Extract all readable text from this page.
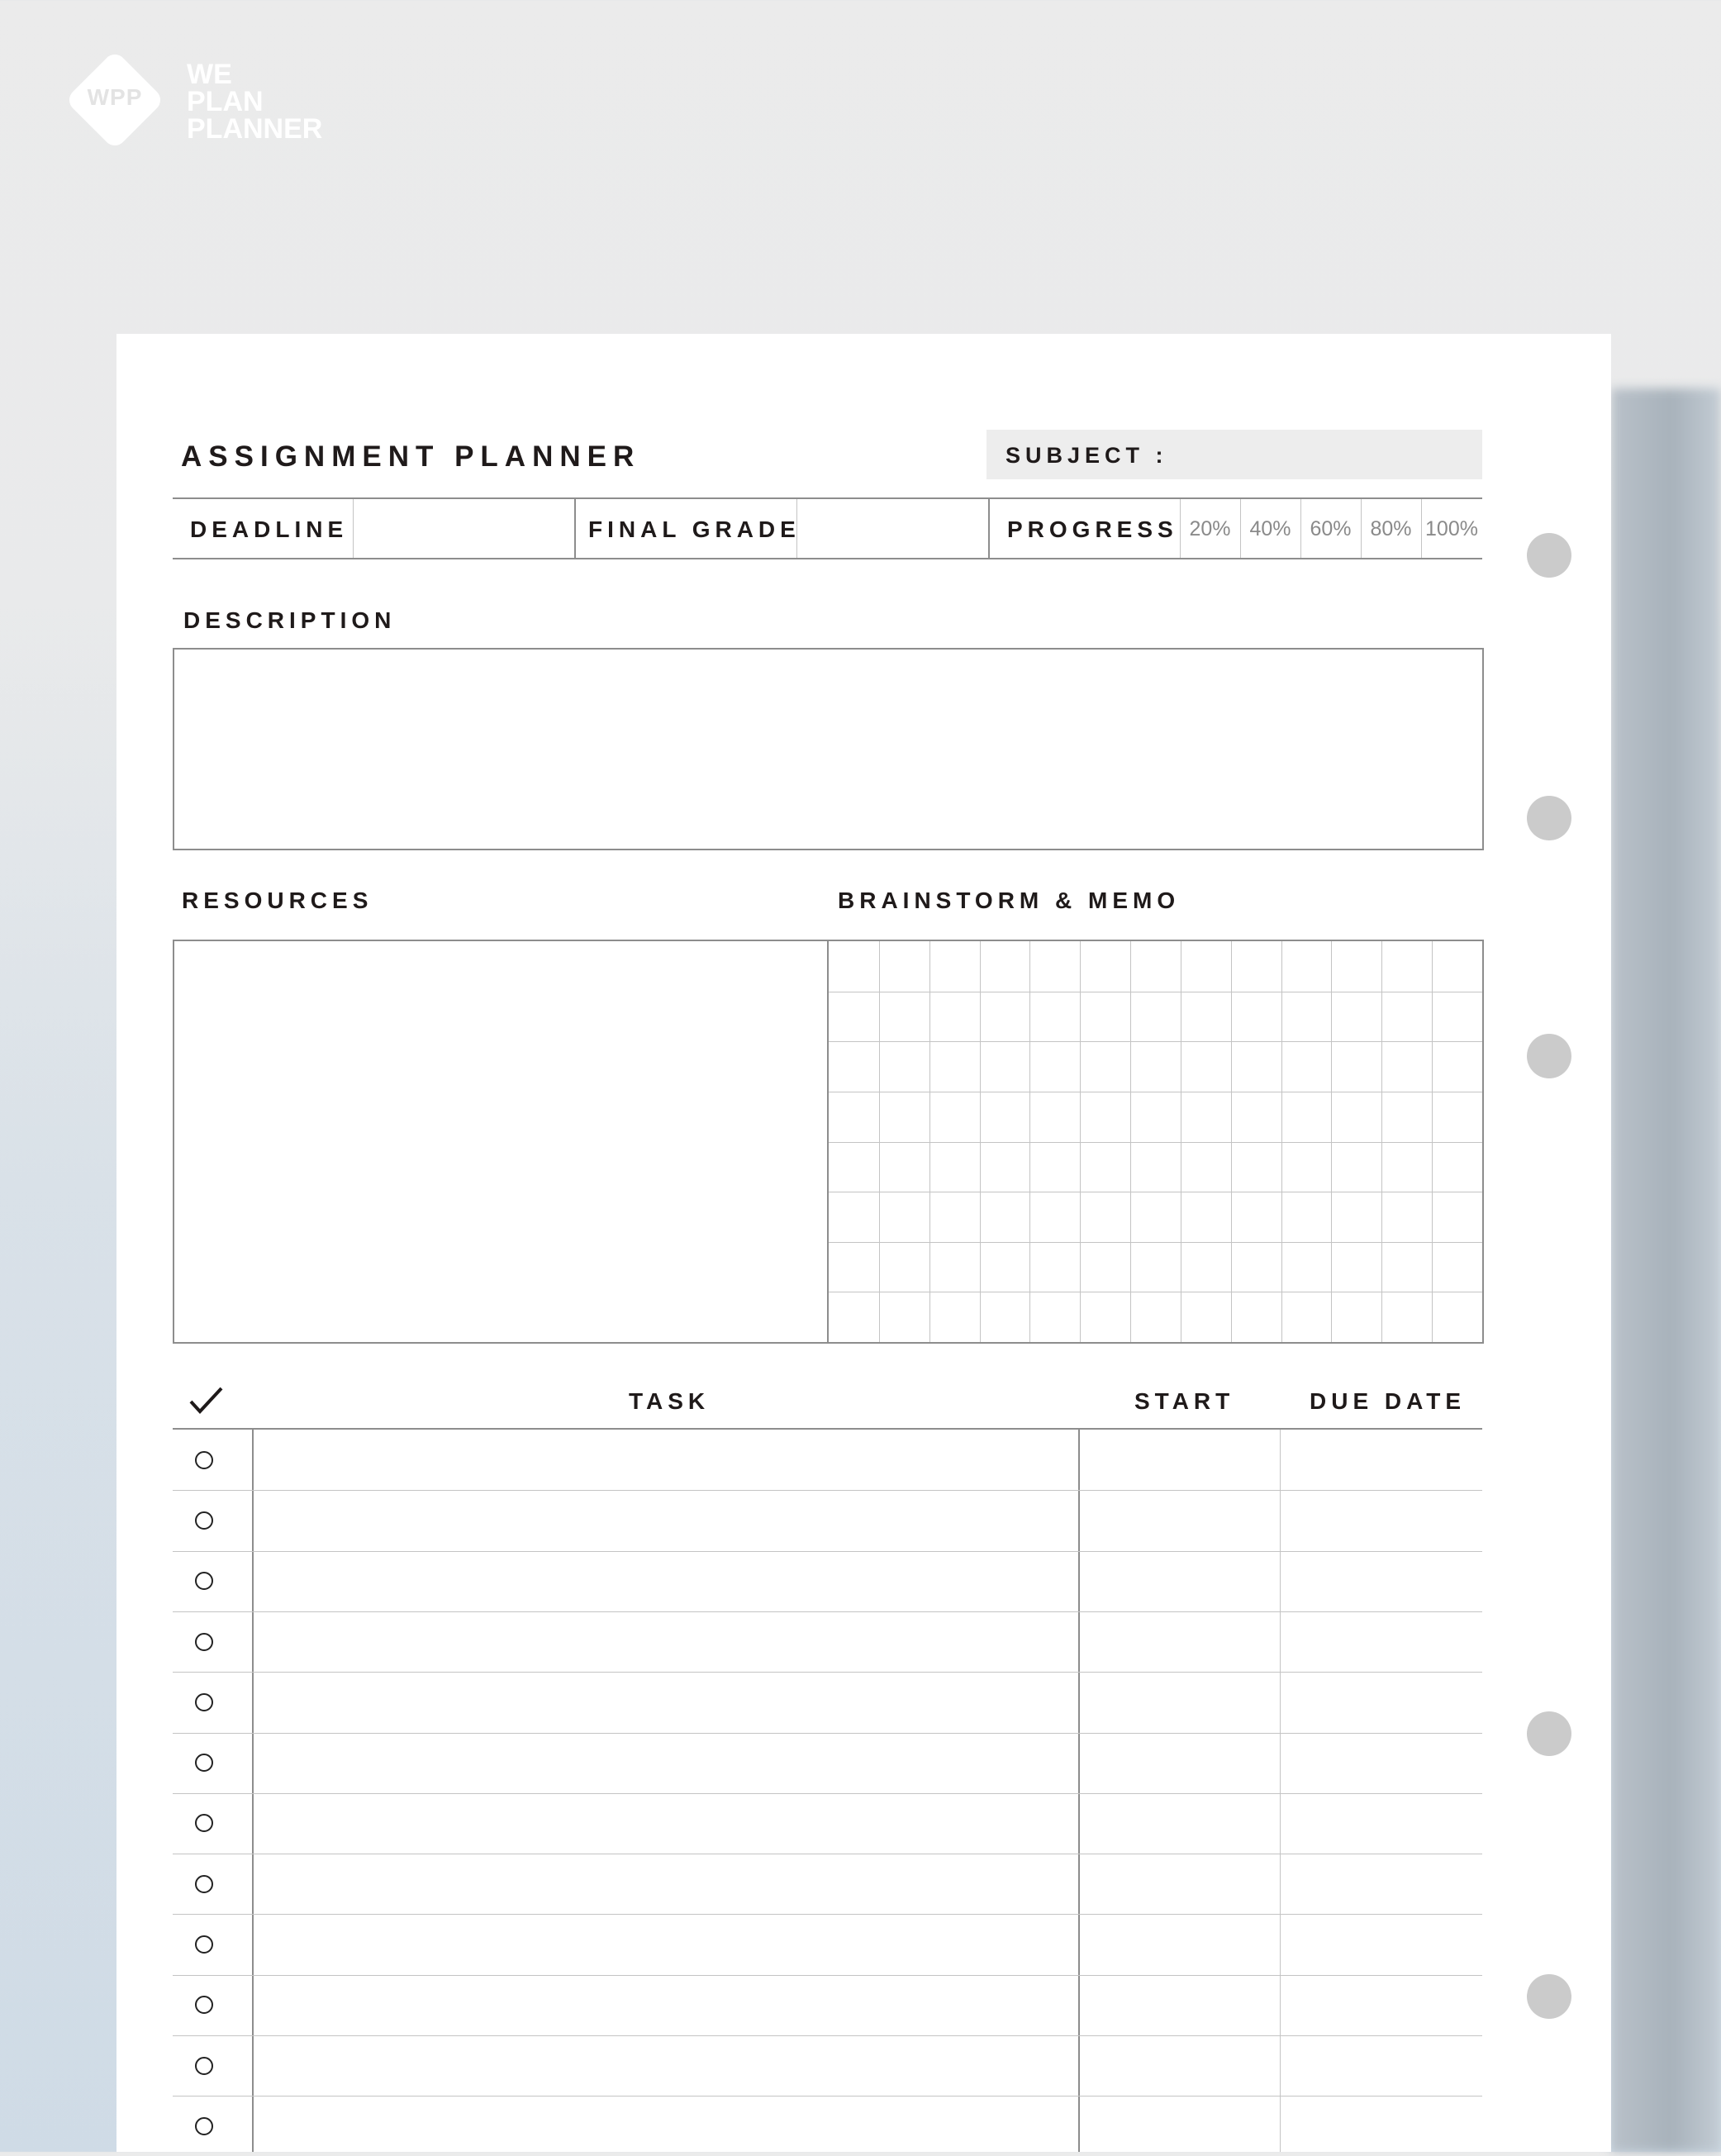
WPP
WE
PLAN
PLANNER
ASSIGNMENT PLANNER	SUBJECT :
DEADLINE	FINAL GRADE	PROGRESS 20% 40% 60% 80% 100%
DESCRIPTION
RESOURCES	BRAINSTORM & MEMO
TASK	START	DUE DATE
